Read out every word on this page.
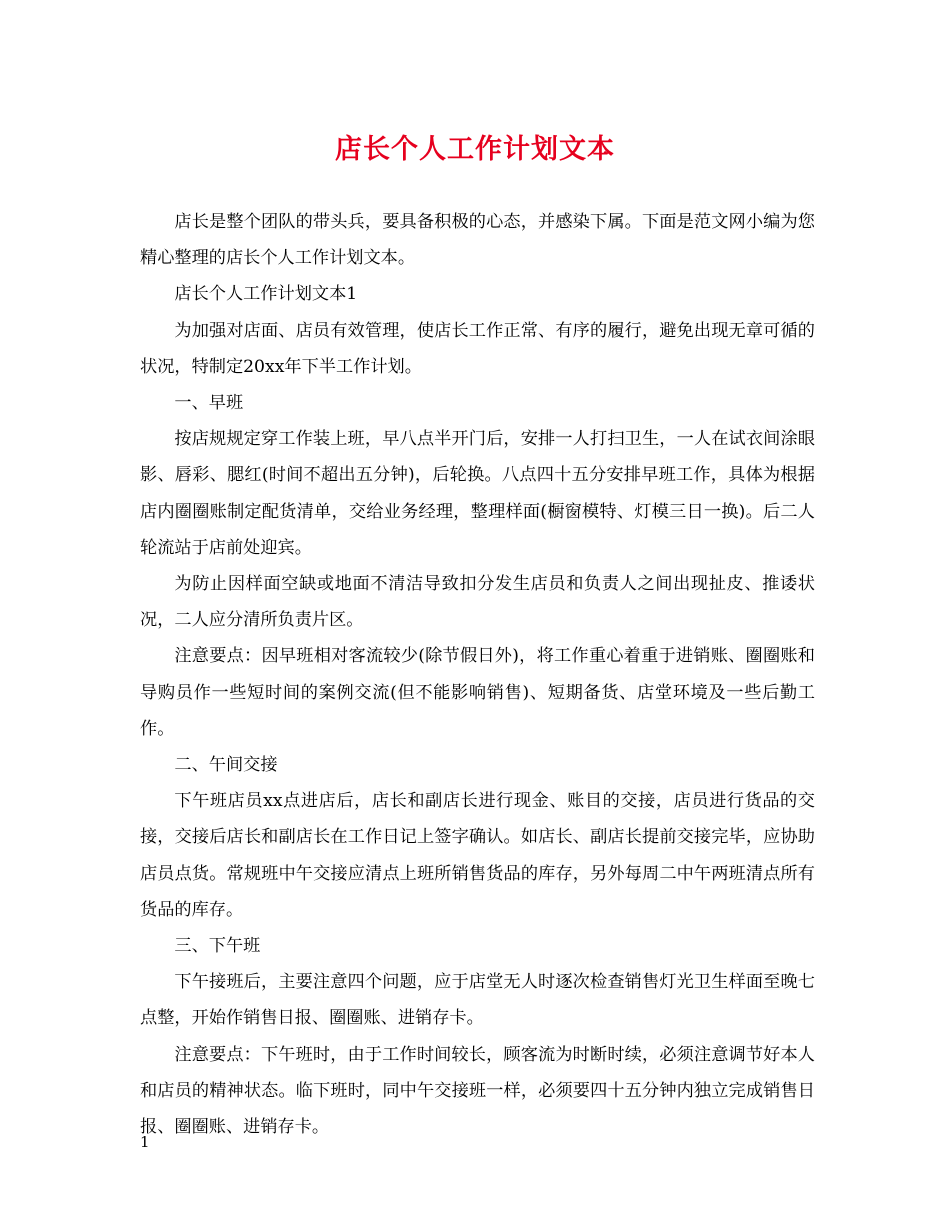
店长个人工作计划文本

店长是整个团队的带头兵，要具备积极的心态，并感染下属。下面是范文网小编为您精心整理的店长个人工作计划文本。

店长个人工作计划文本1

为加强对店面、店员有效管理，使店长工作正常、有序的履行，避免出现无章可循的状况，特制定20xx年下半工作计划。

一、早班

按店规规定穿工作装上班，早八点半开门后，安排一人打扫卫生，一人在试衣间涂眼影、唇彩、腮红(时间不超出五分钟)，后轮换。八点四十五分安排早班工作，具体为根据店内圈圈账制定配货清单，交给业务经理，整理样面(橱窗模特、灯模三日一换)。后二人轮流站于店前处迎宾。

为防止因样面空缺或地面不清洁导致扣分发生店员和负责人之间出现扯皮、推诿状况，二人应分清所负责片区。

注意要点：因早班相对客流较少(除节假日外)，将工作重心着重于进销账、圈圈账和导购员作一些短时间的案例交流(但不能影响销售)、短期备货、店堂环境及一些后勤工作。

二、午间交接

下午班店员xx点进店后，店长和副店长进行现金、账目的交接，店员进行货品的交接，交接后店长和副店长在工作日记上签字确认。如店长、副店长提前交接完毕，应协助店员点货。常规班中午交接应清点上班所销售货品的库存，另外每周二中午两班清点所有货品的库存。

三、下午班

下午接班后，主要注意四个问题，应于店堂无人时逐次检查销售灯光卫生样面至晚七点整，开始作销售日报、圈圈账、进销存卡。

注意要点：下午班时，由于工作时间较长，顾客流为时断时续，必须注意调节好本人和店员的精神状态。临下班时，同中午交接班一样，必须要四十五分钟内独立完成销售日报、圈圈账、进销存卡。

1
